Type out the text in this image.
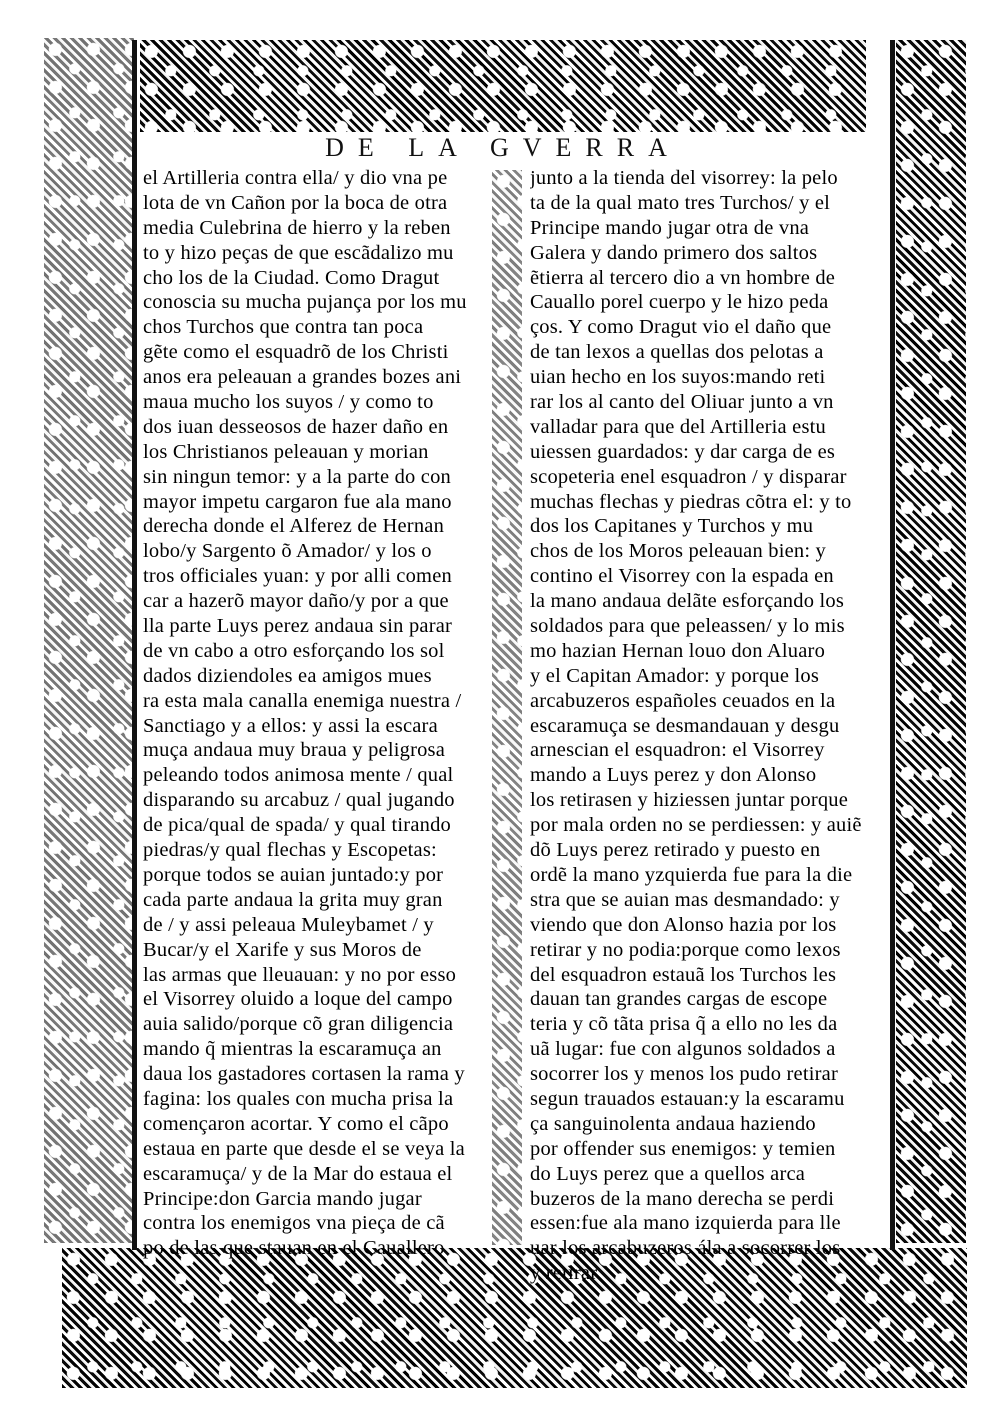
DE LA GVERRA
el Artilleria contra ella/ y dio vna pe
lota de vn Cañon por la boca de otra
media Culebrina de hierro y la reben
to y hizo peças de que escãdalizo mu
cho los de la Ciudad. Como Dragut
conoscia su mucha pujança por los mu
chos Turchos que contra tan poca
gẽte como el esquadrõ de los Christi
anos era peleauan a grandes bozes ani
maua mucho los suyos / y como to
dos iuan desseosos de hazer daño en
los Christianos peleauan y morian
sin ningun temor: y a la parte do con
mayor impetu cargaron fue ala mano
derecha donde el Alferez de Hernan
lobo/y Sargento õ Amador/ y los o
tros officiales yuan: y por alli comen
car a hazerõ mayor daño/y por a que
lla parte Luys perez andaua sin parar
de vn cabo a otro esforçando los sol
dados diziendoles ea amigos mues
ra esta mala canalla enemiga nuestra /
Sanctiago y a ellos: y assi la escara
muça andaua muy braua y peligrosa
peleando todos animosa mente / qual
disparando su arcabuz / qual jugando
de pica/qual de spada/ y qual tirando
piedras/y qual flechas y Escopetas:
porque todos se auian juntado:y por
cada parte andaua la grita muy gran
de / y assi peleaua Muleybamet / y
Bucar/y el Xarife y sus Moros de
las armas que lleuauan: y no por esso
el Visorrey oluido a loque del campo
auia salido/porque cõ gran diligencia
mando q̃ mientras la escaramuça an
daua los gastadores cortasen la rama y
fagina: los quales con mucha prisa la
començaron acortar. Y como el cãpo
estaua en parte que desde el se veya la
escaramuça/ y de la Mar do estaua el
Principe:don Garcia mando jugar
contra los enemigos vna pieça de cã
po de las que stauan en el Cauallero
junto a la tienda del visorrey: la pelo
ta de la qual mato tres Turchos/ y el
Principe mando jugar otra de vna
Galera y dando primero dos saltos
ẽtierra al tercero dio a vn hombre de
Cauallo porel cuerpo y le hizo peda
ços. Y como Dragut vio el daño que
de tan lexos a quellas dos pelotas a
uian hecho en los suyos:mando reti
rar los al canto del Oliuar junto a vn
valladar para que del Artilleria estu
uiessen guardados: y dar carga de es
scopeteria enel esquadron / y disparar
muchas flechas y piedras cõtra el: y to
dos los Capitanes y Turchos y mu
chos de los Moros peleauan bien: y
contino el Visorrey con la espada en
la mano andaua delãte esforçando los
soldados para que peleassen/ y lo mis
mo hazian Hernan louo don Aluaro
y el Capitan Amador: y porque los
arcabuzeros españoles ceuados en la
escaramuça se desmandauan y desgu
arnescian el esquadron: el Visorrey
mando a Luys perez y don Alonso
los retirasen y hiziessen juntar porque
por mala orden no se perdiessen: y auiẽ
dõ Luys perez retirado y puesto en
ordẽ la mano yzquierda fue para la die
stra que se auian mas desmandado: y
viendo que don Alonso hazia por los
retirar y no podia:porque como lexos
del esquadron estauã los Turchos les
dauan tan grandes cargas de escope
teria y cõ tãta prisa q̃ a ello no les da
uã lugar: fue con algunos soldados a
socorrer los y menos los pudo retirar
segun trauados estauan:y la escaramu
ça sanguinolenta andaua haziendo
por offender sus enemigos: y temien
do Luys perez que a quellos arca
buzeros de la mano derecha se perdi
essen:fue ala mano izquierda para lle
uar los arcabuzeros ála a socorrer los
y retirar
